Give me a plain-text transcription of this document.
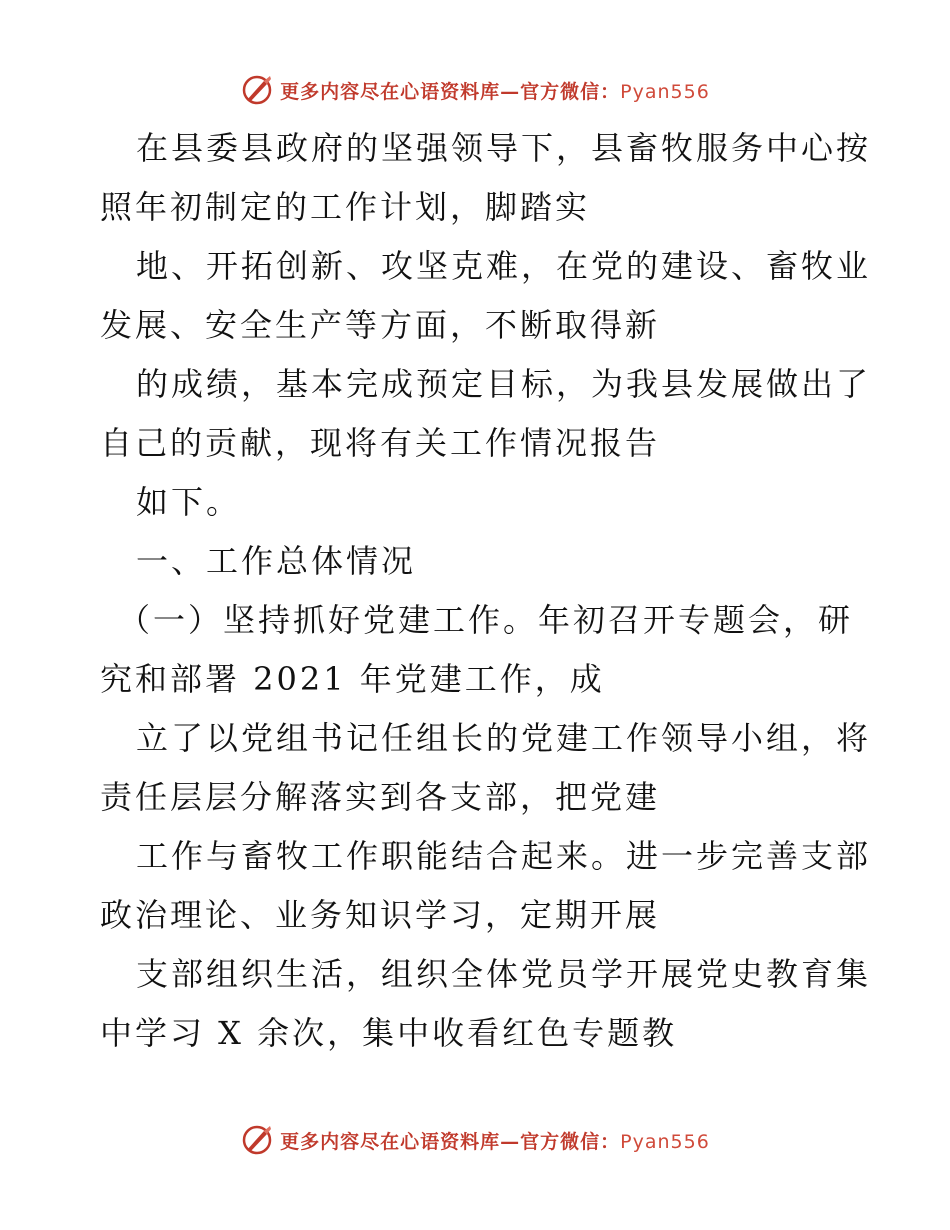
更多内容尽在心语资料库—官方微信：Pyan556
在县委县政府的坚强领导下，县畜牧服务中心按
照年初制定的工作计划，脚踏实
地、开拓创新、攻坚克难，在党的建设、畜牧业
发展、安全生产等方面，不断取得新
的成绩，基本完成预定目标，为我县发展做出了
自己的贡献，现将有关工作情况报告
如下。
一、工作总体情况
（一）坚持抓好党建工作。年初召开专题会，研
究和部署 2021 年党建工作，成
立了以党组书记任组长的党建工作领导小组，将
责任层层分解落实到各支部，把党建
工作与畜牧工作职能结合起来。进一步完善支部
政治理论、业务知识学习，定期开展
支部组织生活，组织全体党员学开展党史教育集
中学习 X 余次，集中收看红色专题教
更多内容尽在心语资料库—官方微信：Pyan556
